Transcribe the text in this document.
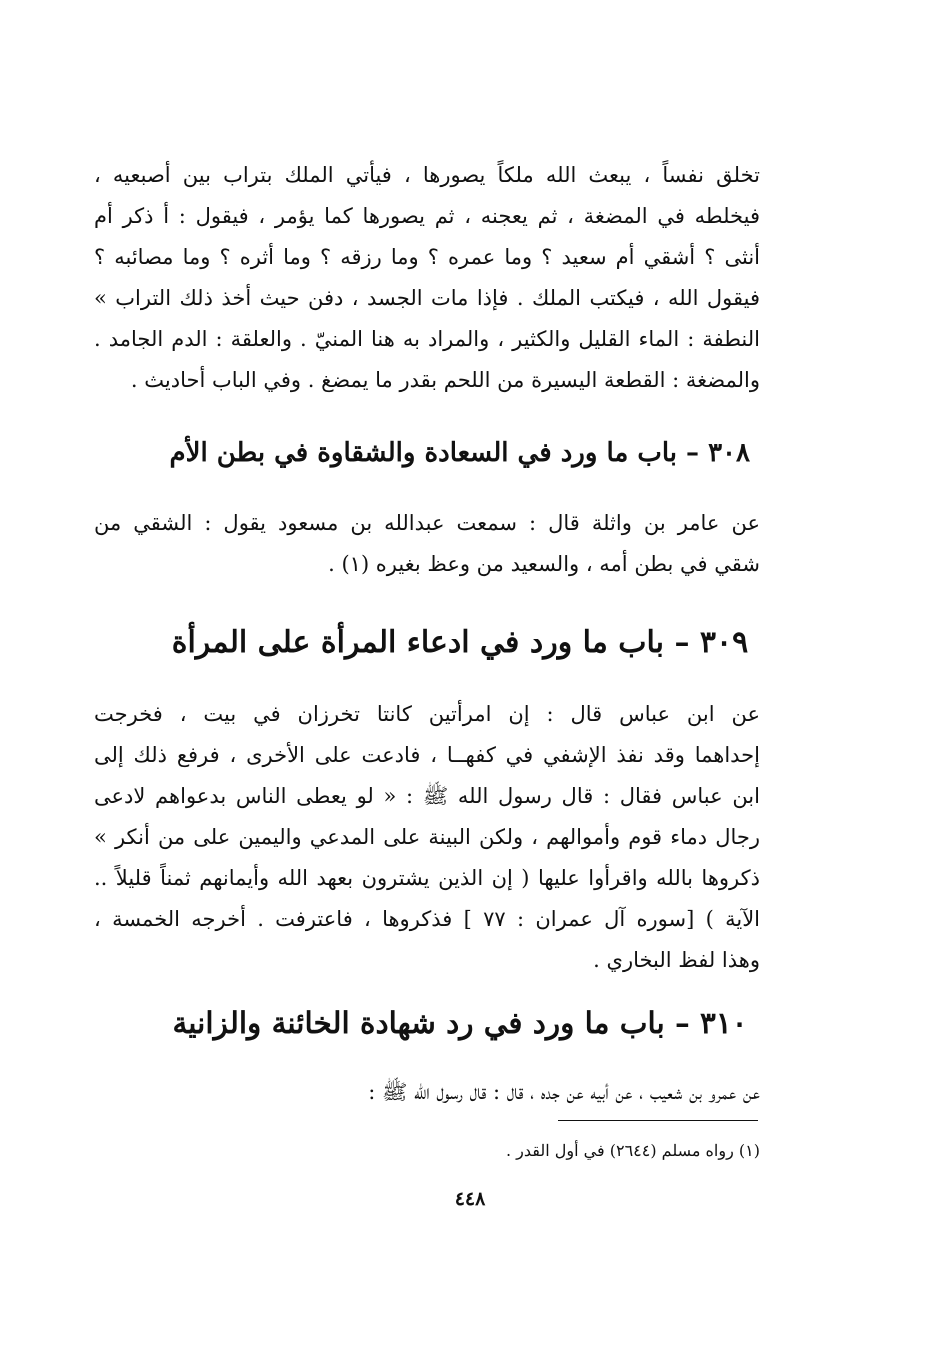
تخلق نفساً ، يبعث الله ملكاً يصورها ، فيأتي الملك بتراب بين أصبعيه ،
فيخلطه في المضغة ، ثم يعجنه ، ثم يصورها كما يؤمر ، فيقول : أ ذكر أم
أنثى ؟ أشقي أم سعيد ؟ وما عمره ؟ وما رزقه ؟ وما أثره ؟ وما مصائبه ؟
فيقول الله ، فيكتب الملك . فإذا مات الجسد ، دفن حيث أخذ ذلك التراب »
النطفة : الماء القليل والكثير ، والمراد به هنا المنيّ . والعلقة : الدم الجامد .
والمضغة : القطعة اليسيرة من اللحم بقدر ما يمضغ . وفي الباب أحاديث .
٣٠٨ – باب ما ورد في السعادة والشقاوة في بطن الأم
عن عامر بن واثلة قال : سمعت عبدالله بن مسعود يقول : الشقي من
شقي في بطن أمه ، والسعيد من وعظ بغيره (١) .
٣٠٩ – باب ما ورد في ادعاء المرأة على المرأة
عن ابن عباس قال : إن امرأتين كانتا تخرزان في بيت ، فخرجت
إحداهما وقد نفذ الإشفي في كفهــا ، فادعت على الأخرى ، فرفع ذلك إلى
ابن عباس فقال : قال رسول الله ﷺ : « لو يعطى الناس بدعواهم لادعى
رجال دماء قوم وأموالهم ، ولكن البينة على المدعي واليمين على من أنكر »
ذكروها بالله واقرأوا عليها ( إن الذين يشترون بعهد الله وأيمانهم ثمناً قليلاً ..
الآية ) [سوره آل عمران : ٧٧ ] فذكروها ، فاعترفت . أخرجه الخمسة ،
وهذا لفظ البخاري .
٣١٠ – باب ما ورد في رد شهادة الخائنة والزانية
عن عمرو بن شعيب ، عن أبيه عن جده ، قال : قال رسول الله ﷺ :
(١) رواه مسلم (٢٦٤٤) في أول القدر .
٤٤٨
